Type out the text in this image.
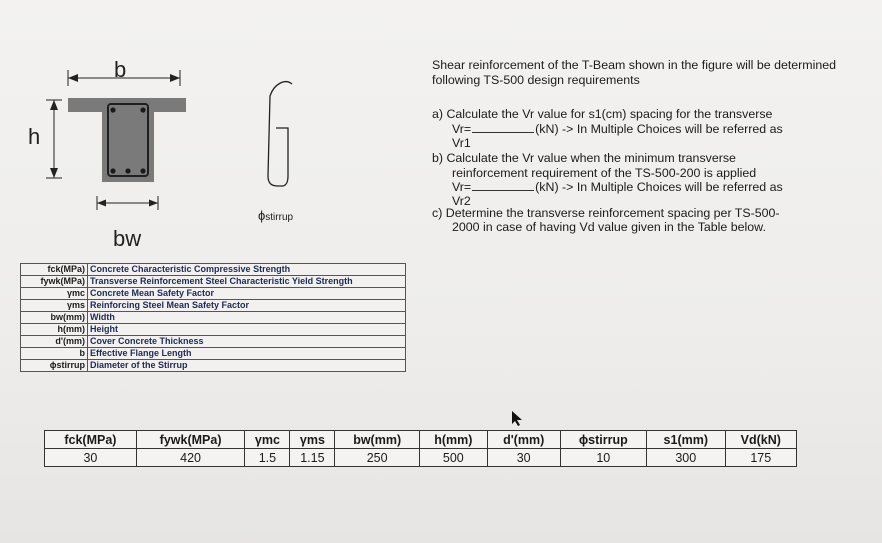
b
h
bw
ϕstirrup
fck(MPa)	Concrete Characteristic Compressive Strength
fywk(MPa)	Transverse Reinforcement Steel Characteristic Yield Strength
γmc	Concrete Mean Safety Factor
γms	Reinforcing Steel Mean Safety Factor
bw(mm)	Width
h(mm)	Height
d'(mm)	Cover Concrete Thickness
b	Effective Flange Length
ϕstirrup	Diameter of the Stirrup

Shear reinforcement of the T-Beam shown in the figure will be determined following TS-500 design requirements

a) Calculate the Vr value for s1(cm) spacing for the transverse

Vr=	(kN) -> In Multiple Choices will be referred as

Vr1

b) Calculate the Vr value when the minimum transverse

reinforcement requirement of the TS-500-200 is applied

Vr=	(kN) -> In Multiple Choices will be referred as

Vr2

c) Determine the transverse reinforcement spacing per TS-500-

2000 in case of having Vd value given in the Table below.

fck(MPa)	fywk(MPa)	γmc	γms	bw(mm)	h(mm)	d'(mm)	ϕstirrup	s1(mm)	Vd(kN)
30	420	1.5	1.15	250	500	30	10	300	175
